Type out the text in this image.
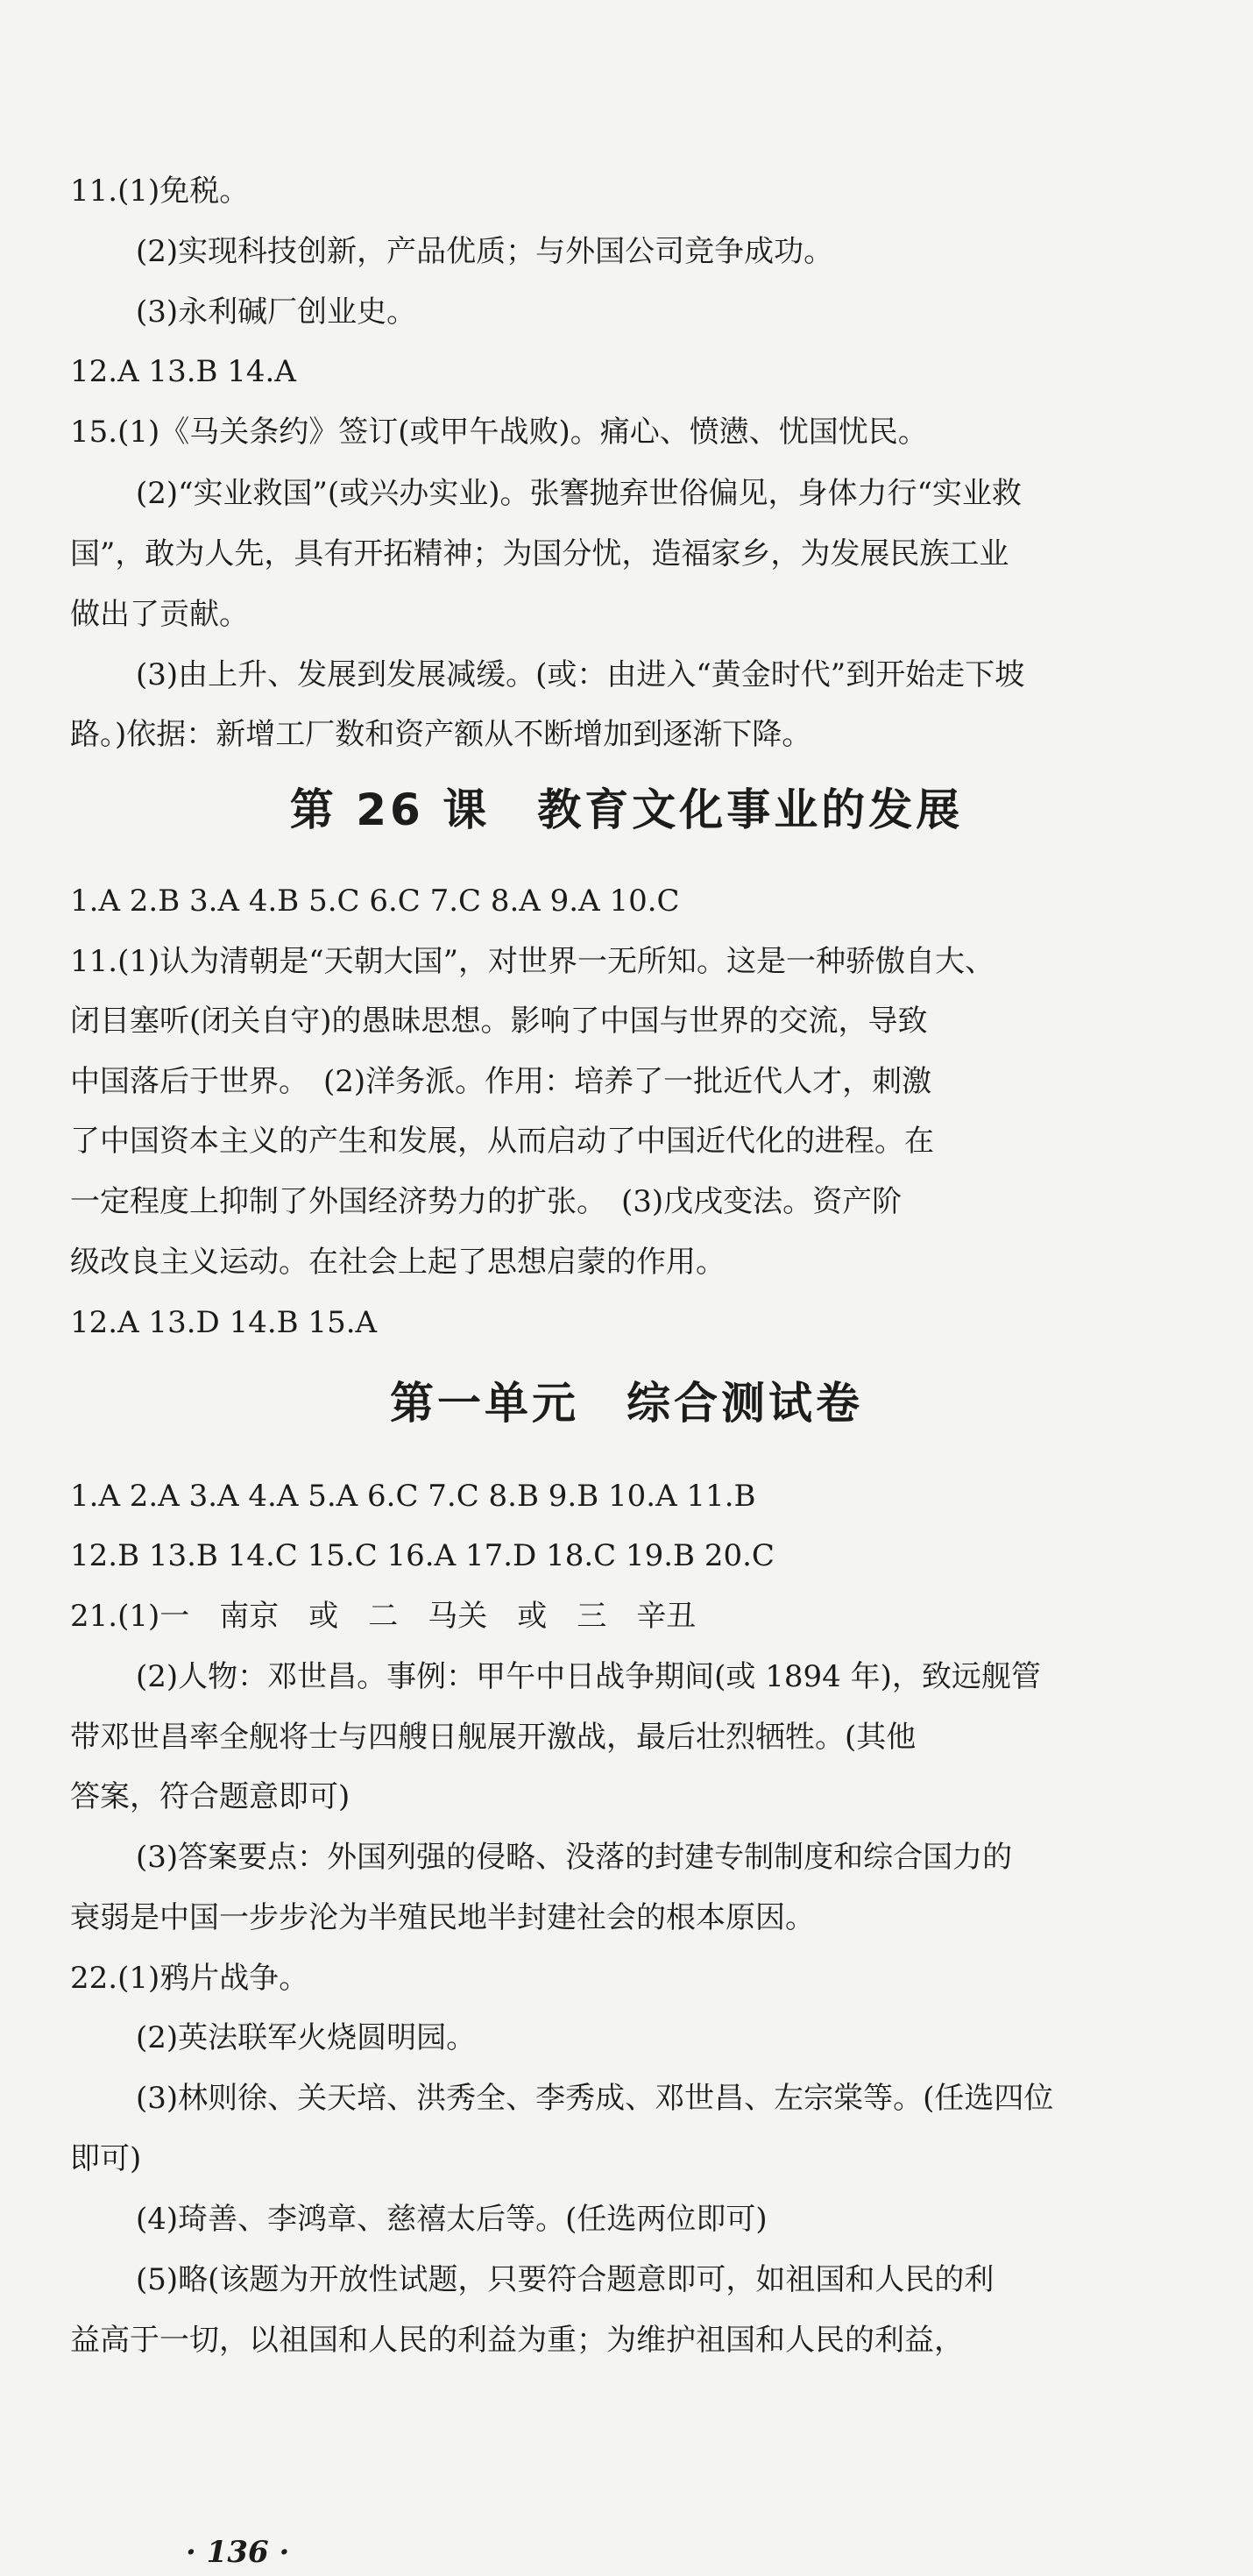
11.(1)免税。
(2)实现科技创新，产品优质；与外国公司竞争成功。
(3)永利碱厂创业史。
12.A 13.B 14.A
15.(1)《马关条约》签订(或甲午战败)。痛心、愤懑、忧国忧民。
(2)“实业救国”(或兴办实业)。张謇抛弃世俗偏见，身体力行“实业救
国”，敢为人先，具有开拓精神；为国分忧，造福家乡，为发展民族工业
做出了贡献。
(3)由上升、发展到发展减缓。(或：由进入“黄金时代”到开始走下坡
路。)依据：新增工厂数和资产额从不断增加到逐渐下降。
第 26 课　教育文化事业的发展
1.A 2.B 3.A 4.B 5.C 6.C 7.C 8.A 9.A 10.C
11.(1)认为清朝是“天朝大国”，对世界一无所知。这是一种骄傲自大、
闭目塞听(闭关自守)的愚昧思想。影响了中国与世界的交流，导致
中国落后于世界。　(2)洋务派。作用：培养了一批近代人才，刺激
了中国资本主义的产生和发展，从而启动了中国近代化的进程。在
一定程度上抑制了外国经济势力的扩张。　(3)戊戌变法。资产阶
级改良主义运动。在社会上起了思想启蒙的作用。
12.A 13.D 14.B 15.A
第一单元　综合测试卷
1.A 2.A 3.A 4.A 5.A 6.C 7.C 8.B 9.B 10.A 11.B
12.B 13.B 14.C 15.C 16.A 17.D 18.C 19.B 20.C
21.(1)一　南京　或　二　马关　或　三　辛丑
(2)人物：邓世昌。事例：甲午中日战争期间(或 1894 年)，致远舰管
带邓世昌率全舰将士与四艘日舰展开激战，最后壮烈牺牲。(其他
答案，符合题意即可)
(3)答案要点：外国列强的侵略、没落的封建专制制度和综合国力的
衰弱是中国一步步沦为半殖民地半封建社会的根本原因。
22.(1)鸦片战争。
(2)英法联军火烧圆明园。
(3)林则徐、关天培、洪秀全、李秀成、邓世昌、左宗棠等。(任选四位
即可)
(4)琦善、李鸿章、慈禧太后等。(任选两位即可)
(5)略(该题为开放性试题，只要符合题意即可，如祖国和人民的利
益高于一切，以祖国和人民的利益为重；为维护祖国和人民的利益，
· 136 ·
